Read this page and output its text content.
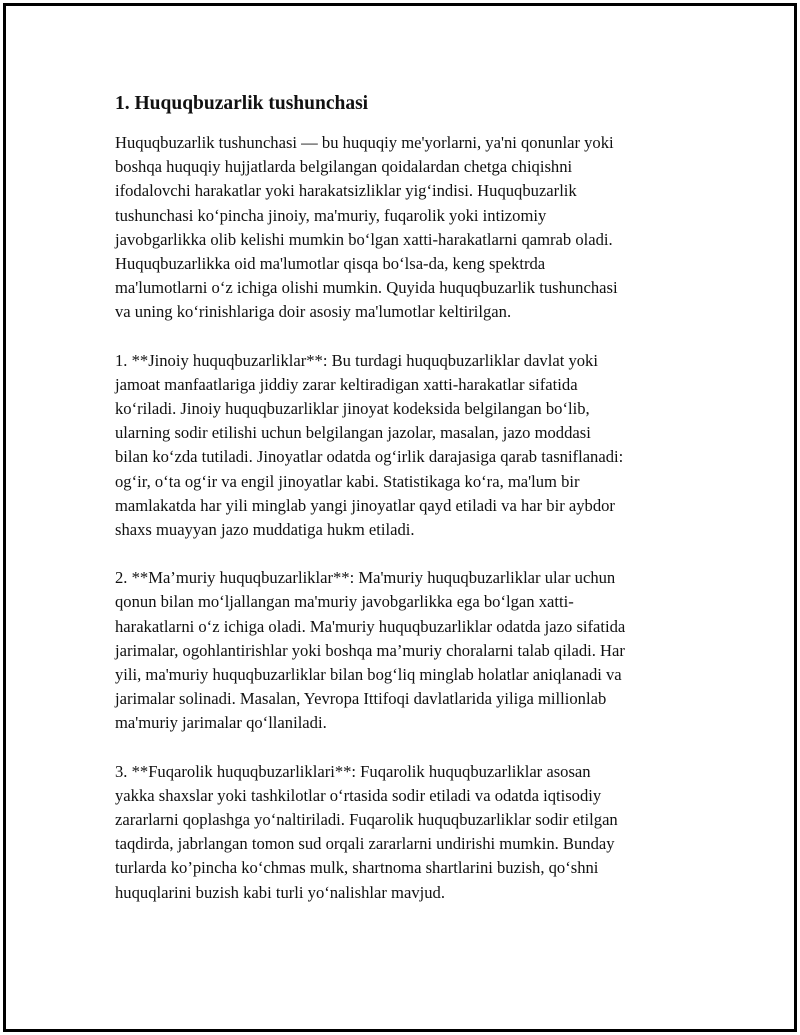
1. Huquqbuzarlik tushunchasi

Huquqbuzarlik tushunchasi — bu huquqiy me'yorlarni, ya'ni qonunlar yoki
boshqa huquqiy hujjatlarda belgilangan qoidalardan chetga chiqishni
ifodalovchi harakatlar yoki harakatsizliklar yig‘indisi. Huquqbuzarlik
tushunchasi ko‘pincha jinoiy, ma'muriy, fuqarolik yoki intizomiy
javobgarlikka olib kelishi mumkin bo‘lgan xatti-harakatlarni qamrab oladi.
Huquqbuzarlikka oid ma'lumotlar qisqa bo‘lsa-da, keng spektrda
ma'lumotlarni o‘z ichiga olishi mumkin. Quyida huquqbuzarlik tushunchasi
va uning ko‘rinishlariga doir asosiy ma'lumotlar keltirilgan.

1. **Jinoiy huquqbuzarliklar**: Bu turdagi huquqbuzarliklar davlat yoki
jamoat manfaatlariga jiddiy zarar keltiradigan xatti-harakatlar sifatida
ko‘riladi. Jinoiy huquqbuzarliklar jinoyat kodeksida belgilangan bo‘lib,
ularning sodir etilishi uchun belgilangan jazolar, masalan, jazo moddasi
bilan ko‘zda tutiladi. Jinoyatlar odatda og‘irlik darajasiga qarab tasniflanadi:
og‘ir, o‘ta og‘ir va engil jinoyatlar kabi. Statistikaga ko‘ra, ma'lum bir
mamlakatda har yili minglab yangi jinoyatlar qayd etiladi va har bir aybdor
shaxs muayyan jazo muddatiga hukm etiladi.

2. **Ma’muriy huquqbuzarliklar**: Ma'muriy huquqbuzarliklar ular uchun
qonun bilan mo‘ljallangan ma'muriy javobgarlikka ega bo‘lgan xatti-
harakatlarni o‘z ichiga oladi. Ma'muriy huquqbuzarliklar odatda jazo sifatida
jarimalar, ogohlantirishlar yoki boshqa ma’muriy choralarni talab qiladi. Har
yili, ma'muriy huquqbuzarliklar bilan bog‘liq minglab holatlar aniqlanadi va
jarimalar solinadi. Masalan, Yevropa Ittifoqi davlatlarida yiliga millionlab
ma'muriy jarimalar qo‘llaniladi.

3. **Fuqarolik huquqbuzarliklari**: Fuqarolik huquqbuzarliklar asosan
yakka shaxslar yoki tashkilotlar o‘rtasida sodir etiladi va odatda iqtisodiy
zararlarni qoplashga yo‘naltiriladi. Fuqarolik huquqbuzarliklar sodir etilgan
taqdirda, jabrlangan tomon sud orqali zararlarni undirishi mumkin. Bunday
turlarda ko’pincha ko‘chmas mulk, shartnoma shartlarini buzish, qo‘shni
huquqlarini buzish kabi turli yo‘nalishlar mavjud.
